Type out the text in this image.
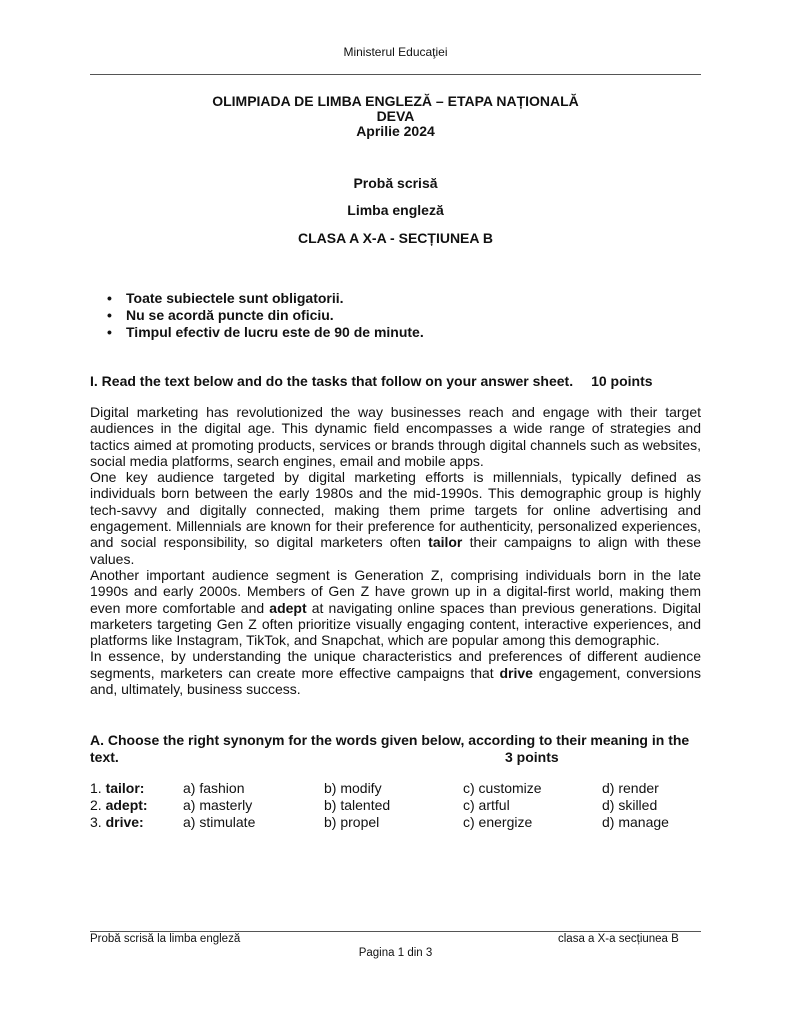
Ministerul Educaţiei
OLIMPIADA DE LIMBA ENGLEZĂ – ETAPA NAȚIONALĂ
DEVA
Aprilie 2024
Probă scrisă
Limba engleză
CLASA A X-A - SECȚIUNEA B
• Toate subiectele sunt obligatorii.
• Nu se acordă puncte din oficiu.
• Timpul efectiv de lucru este de 90 de minute.
I. Read the text below and do the tasks that follow on your answer sheet. 10 points
Digital marketing has revolutionized the way businesses reach and engage with their target
audiences in the digital age. This dynamic field encompasses a wide range of strategies and
tactics aimed at promoting products, services or brands through digital channels such as websites,
social media platforms, search engines, email and mobile apps.
One key audience targeted by digital marketing efforts is millennials, typically defined as
individuals born between the early 1980s and the mid-1990s. This demographic group is highly
tech-savvy and digitally connected, making them prime targets for online advertising and
engagement. Millennials are known for their preference for authenticity, personalized experiences,
and social responsibility, so digital marketers often tailor their campaigns to align with these
values.
Another important audience segment is Generation Z, comprising individuals born in the late
1990s and early 2000s. Members of Gen Z have grown up in a digital-first world, making them
even more comfortable and adept at navigating online spaces than previous generations. Digital
marketers targeting Gen Z often prioritize visually engaging content, interactive experiences, and
platforms like Instagram, TikTok, and Snapchat, which are popular among this demographic.
In essence, by understanding the unique characteristics and preferences of different audience
segments, marketers can create more effective campaigns that drive engagement, conversions
and, ultimately, business success.
A. Choose the right synonym for the words given below, according to their meaning in the text.	3 points
1. tailor:	a) fashion	b) modify	c) customize	d) render
2. adept:	a) masterly	b) talented	c) artful	d) skilled
3. drive:	a) stimulate	b) propel	c) energize	d) manage
Probă scrisă la limba engleză	clasa a X-a secțiunea B
Pagina 1 din 3
